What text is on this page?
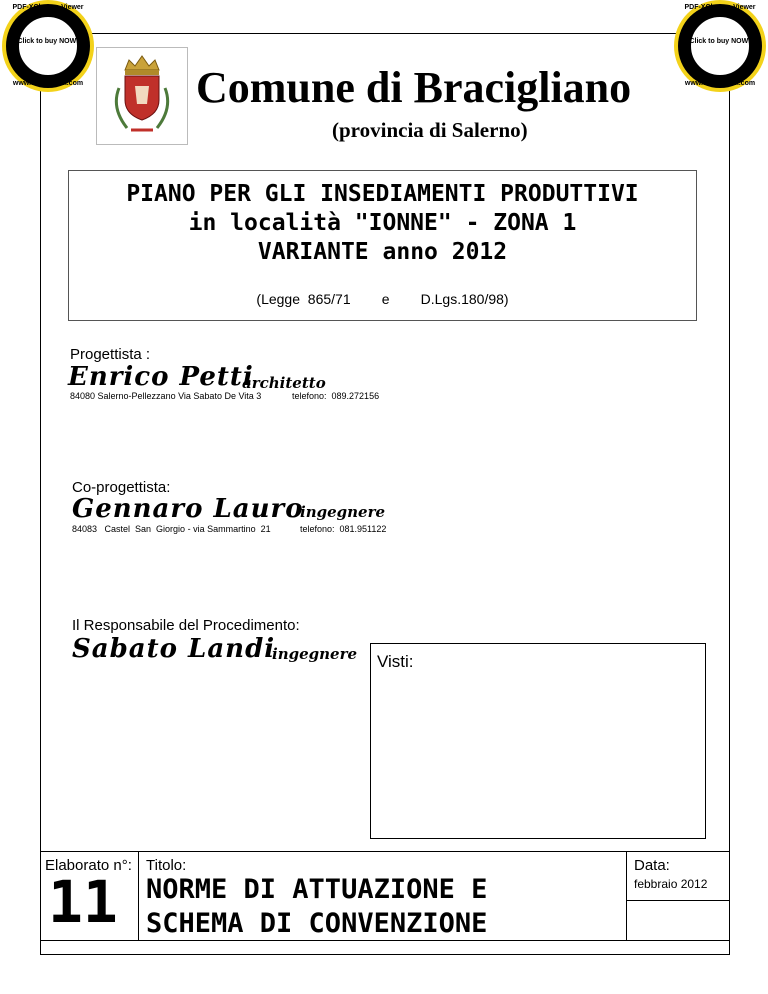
PDF-XChange Viewer
Click to buy NOW!
www.docu-track.com
PDF-XChange Viewer
Click to buy NOW!
www.docu-track.com
Comune di Bracigliano
(provincia di Salerno)
PIANO PER GLI INSEDIAMENTI PRODUTTIVI
in località "IONNE" - ZONA 1
VARIANTE anno 2012
(Legge  865/71        e        D.Lgs.180/98)
Progettista :
Enrico Petti
architetto
84080 Salerno-Pellezzano Via Sabato De Vita 3	telefono:  089.272156
Co-progettista:
Gennaro Lauro
ingegnere
84083   Castel  San  Giorgio - via Sammartino  21	telefono:  081.951122
Il Responsabile del Procedimento:
Sabato Landi
ingegnere Visti:
Elaborato n°:
11
Titolo:
NORME DI ATTUAZIONE E
SCHEMA DI CONVENZIONE
Data:
febbraio 2012
